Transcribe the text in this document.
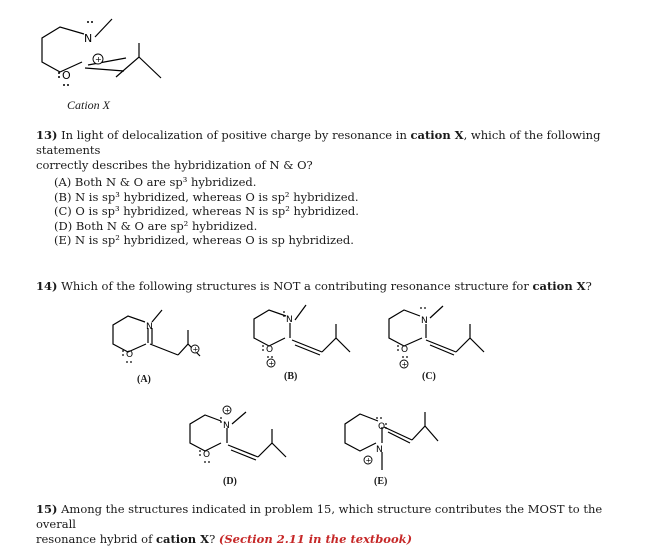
N
O
+
Cation X
13) In light of delocalization of positive charge by resonance in cation X, which of the following statements
correctly describes the hybridization of N & O?
(A) Both N & O are sp³ hybridized.
(B) N is sp³ hybridized, whereas O is sp² hybridized.
(C) O is sp³ hybridized, whereas N is sp² hybridized.
(D) Both N & O are sp² hybridized.
(E) N is sp² hybridized, whereas O is sp hybridized.
14) Which of the following structures is NOT a contributing resonance structure for cation X?
N
O
+
(A)
N
O
+
(B)
N
O
+
(C)
N
O
+
(D)
O
N
+
(E)
15) Among the structures indicated in problem 15, which structure contributes the MOST to the overall
resonance hybrid of cation X? (Section 2.11 in the textbook)
